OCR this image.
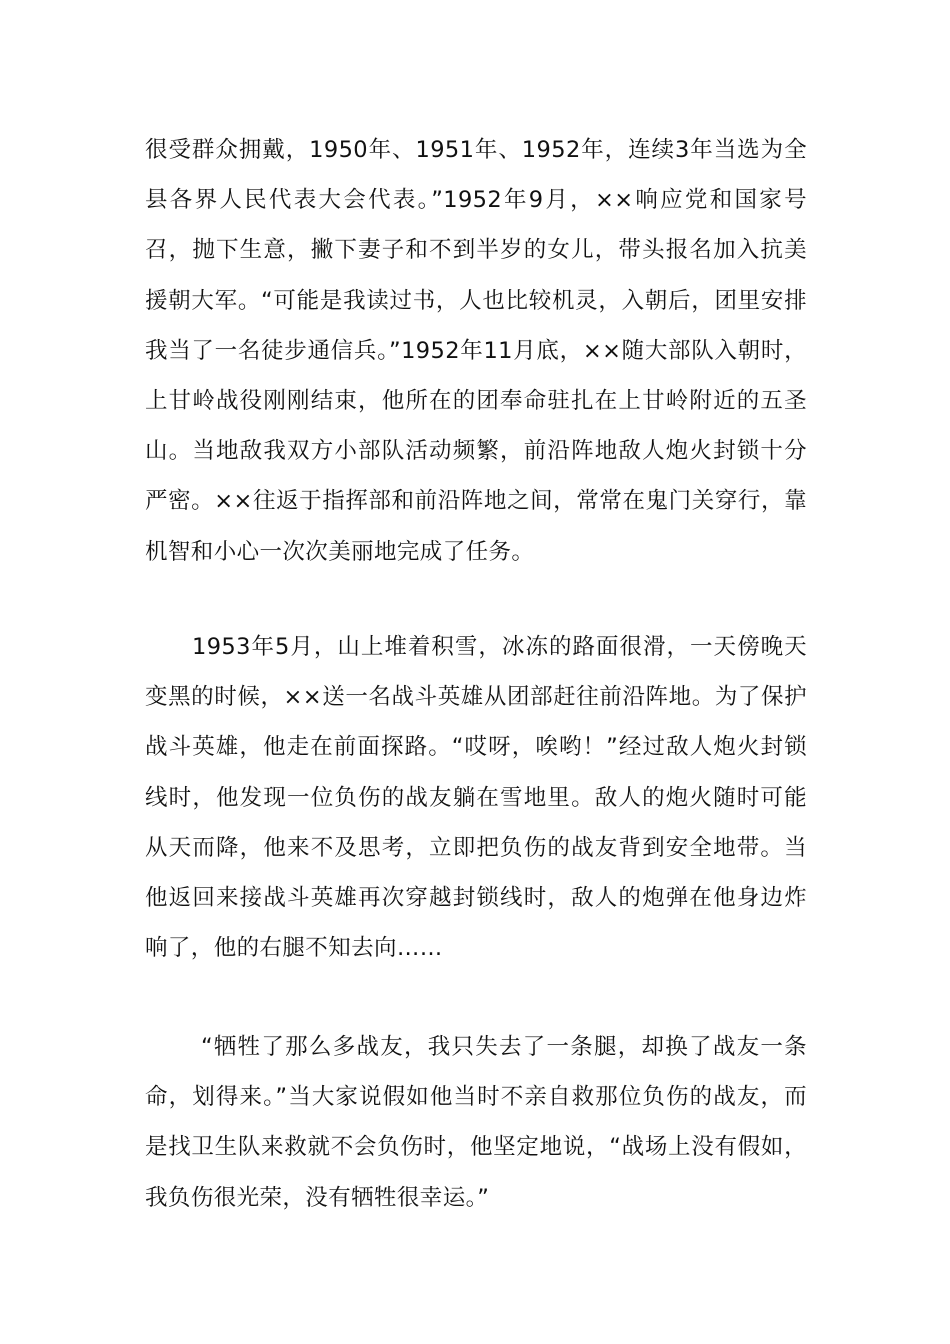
很受群众拥戴，1950年、1951年、1952年，连续3年当选为全县各界人民代表大会代表。”1952年9月，××响应党和国家号召，抛下生意，撇下妻子和不到半岁的女儿，带头报名加入抗美援朝大军。“可能是我读过书，人也比较机灵，入朝后，团里安排我当了一名徒步通信兵。”1952年11月底，××随大部队入朝时，上甘岭战役刚刚结束，他所在的团奉命驻扎在上甘岭附近的五圣山。当地敌我双方小部队活动频繁，前沿阵地敌人炮火封锁十分严密。××往返于指挥部和前沿阵地之间，常常在鬼门关穿行，靠机智和小心一次次美丽地完成了任务。

1953年5月，山上堆着积雪，冰冻的路面很滑，一天傍晚天变黑的时候，××送一名战斗英雄从团部赶往前沿阵地。为了保护战斗英雄，他走在前面探路。“哎呀，唉哟！”经过敌人炮火封锁线时，他发现一位负伤的战友躺在雪地里。敌人的炮火随时可能从天而降，他来不及思考，立即把负伤的战友背到安全地带。当他返回来接战斗英雄再次穿越封锁线时，敌人的炮弹在他身边炸响了，他的右腿不知去向……

“牺牲了那么多战友，我只失去了一条腿，却换了战友一条命，划得来。”当大家说假如他当时不亲自救那位负伤的战友，而是找卫生队来救就不会负伤时，他坚定地说，“战场上没有假如，我负伤很光荣，没有牺牲很幸运。”
